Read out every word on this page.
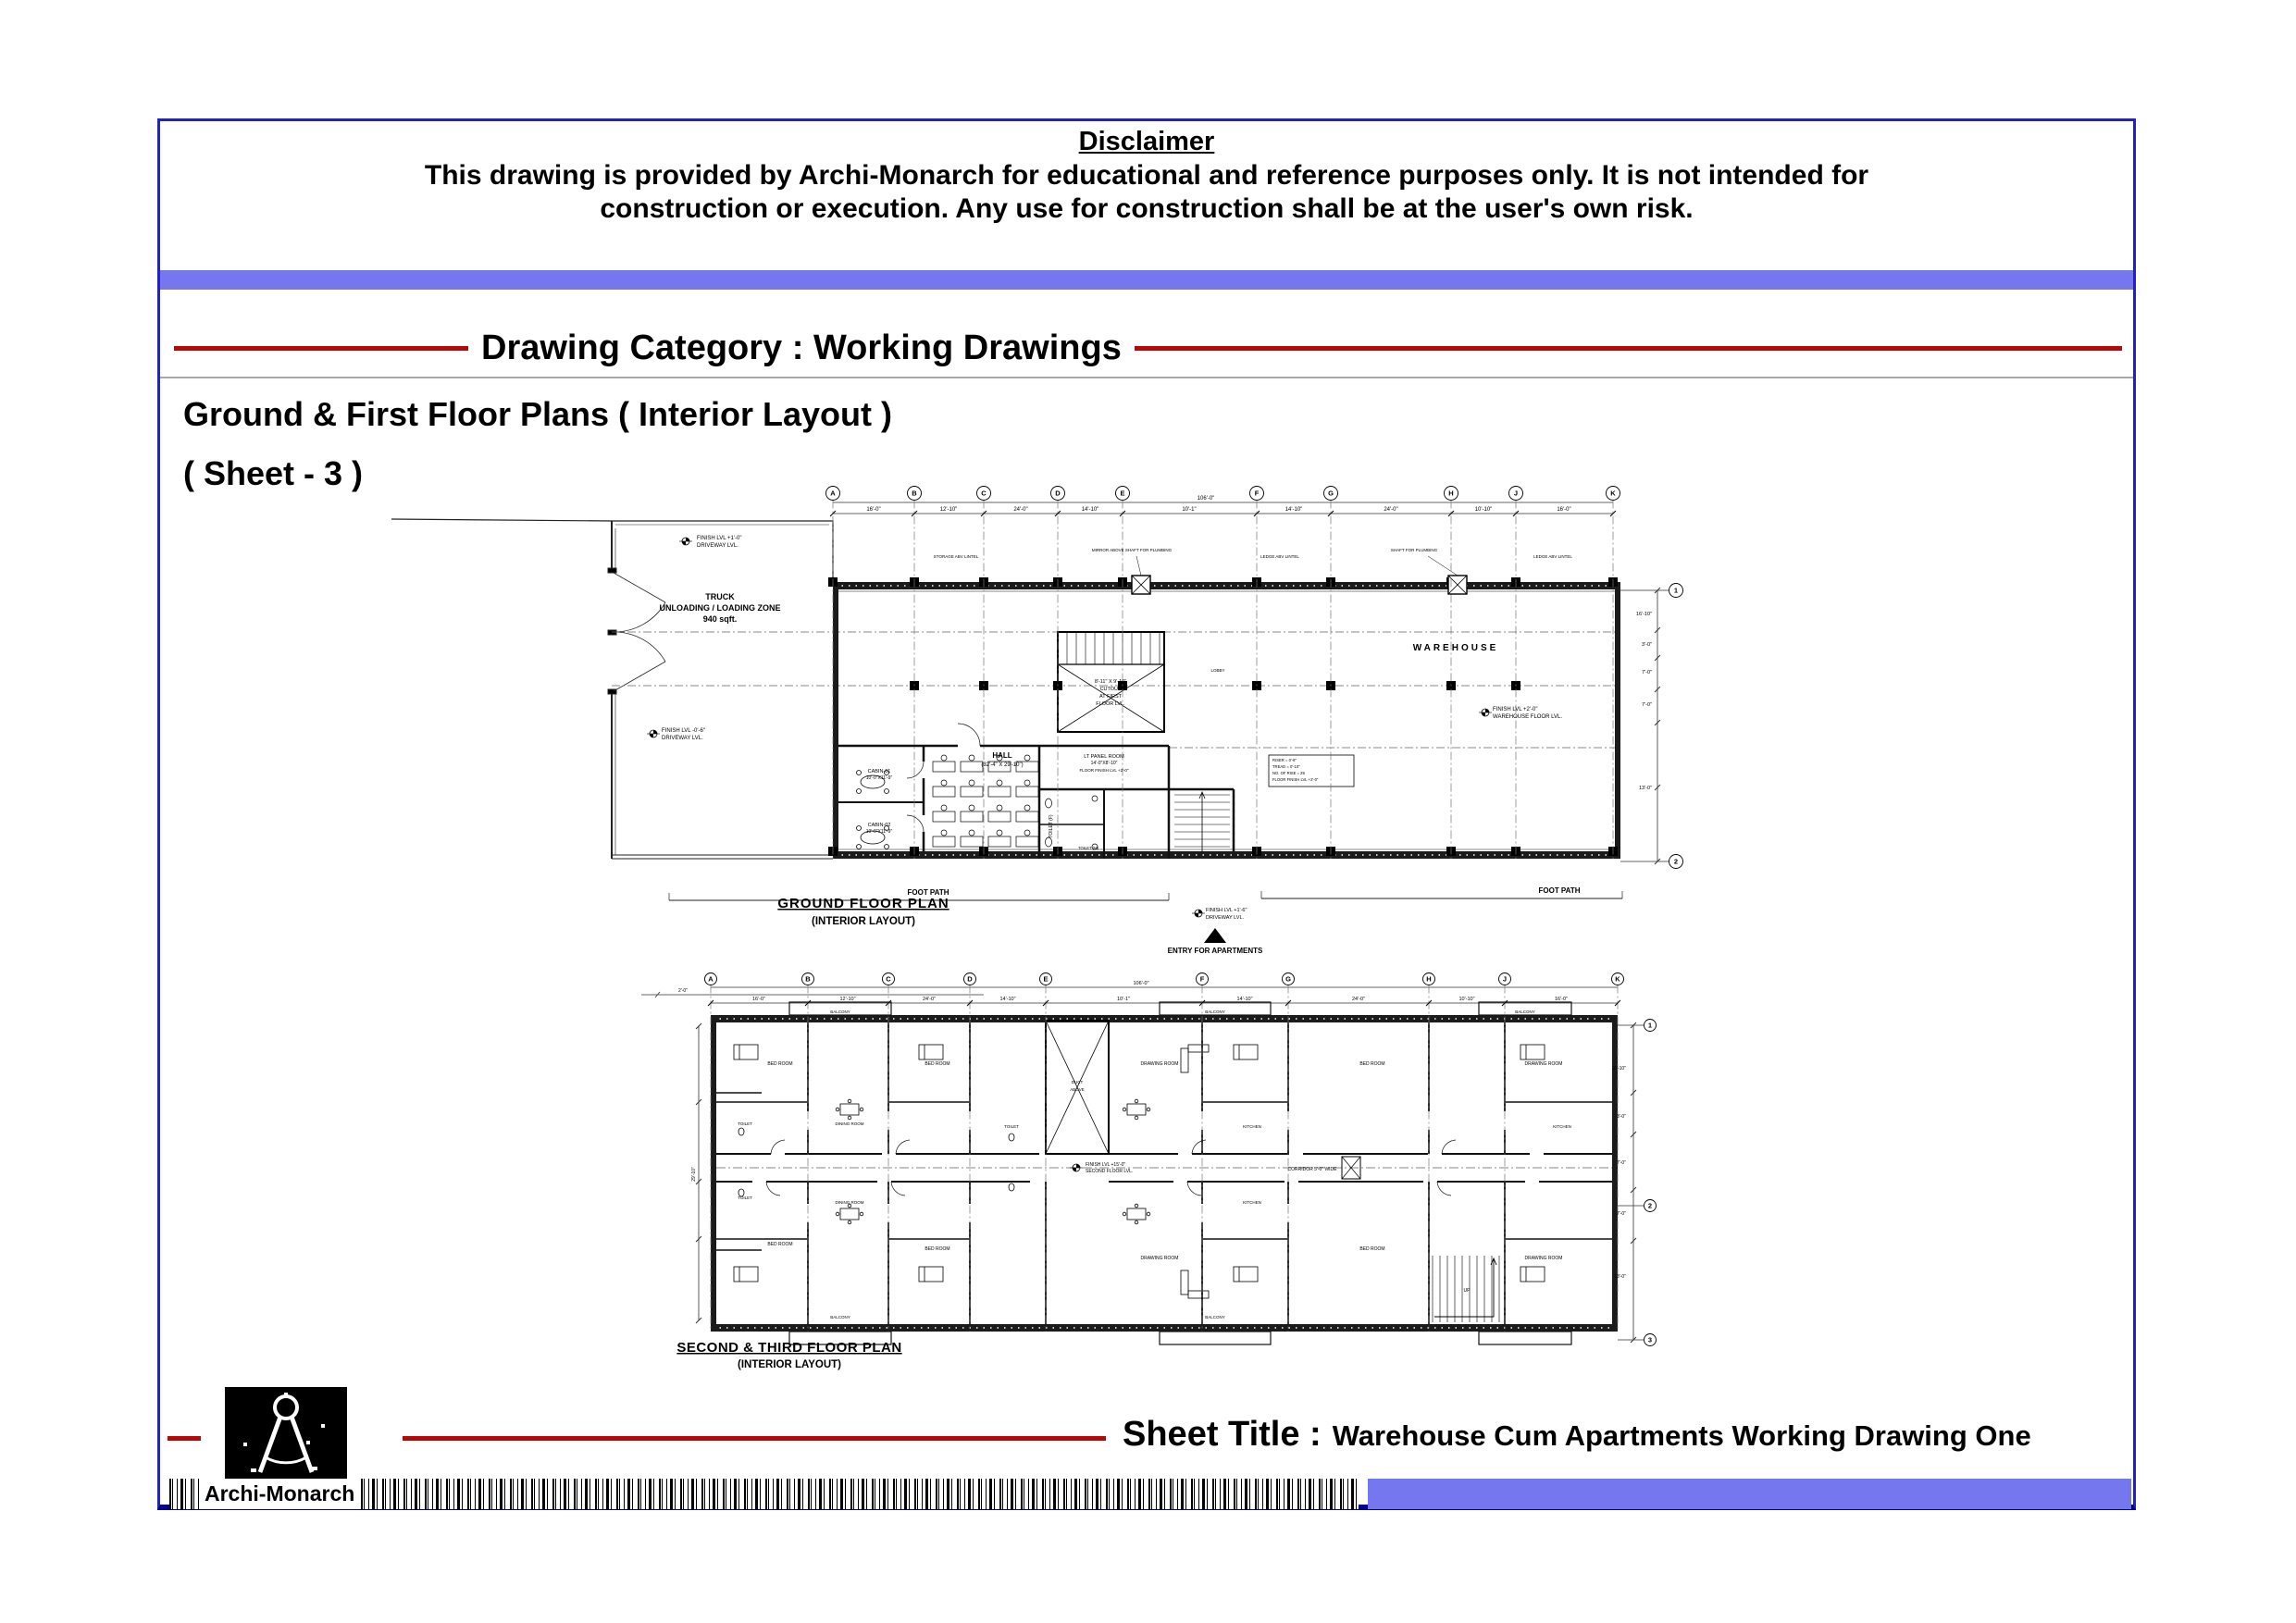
Disclaimer
This drawing is provided by Archi-Monarch for educational and reference purposes only. It is not intended for
construction or execution. Any use for construction shall be at the user's own risk.
Drawing Category : Working Drawings
Ground & First Floor Plans ( Interior Layout )
( Sheet - 3 )
A	B	C	D	E	F	G	H	J	K
1
2
16'-0"	12'-10"	24'-0"	14'-10"	10'-1"	14'-10"	24'-0"	10'-10"	16'-0"
106'-0"
16'-10"
3'-0"
7'-0"
7'-0"
13'-0"
FINISH LVL +1'-0"
DRIVEWAY LVL.
TRUCK
UNLOADING / LOADING ZONE
940 sqft.
FINISH LVL -0'-6"
DRIVEWAY LVL.
WAREHOUSE
FINISH LVL +2'-0"
WAREHOUSE FLOOR LVL.
STORAGE ABV LINTEL
MIRROR ABOVE SHAFT FOR PLUMBING
LEDGE ABV LINTEL
SHAFT FOR PLUMBING
LEDGE ABV LINTEL
HALL
(32'-4" X 29'-10")
CABIN-01
10'-0"X11'-9"
CABIN-02
10'-0"X11'-9"
LT PANEL ROOM
14'-0"X8'-10"
FLOOR FINISH LVL +2'-0"
TOILET (F)
TOILET (M)
8'-11" X 9'-10"
CUTOUT
AT FIRST
FLOOR LVL.
LOBBY
RISER = 0'-6"
TREAD = 0'-10"
NO. OF RISE = 29
FLOOR FINISH LVL +2'-0"
FOOT PATH	FOOT PATH
GROUND FLOOR PLAN
(INTERIOR LAYOUT)
FINISH LVL +1'-6"
DRIVEWAY LVL.
ENTRY FOR APARTMENTS
A	B	C	D	E	F	G	H	J	K
1
2
3
16'-0"	12'-10"	24'-0"	14'-10"	10'-1"	14'-10"	24'-0"	10'-10"	16'-0"
106'-0"
2'-0"
16'-10"
3'-0"
7'-0"
7'-0"
13'-0"
29'-10"
BALCONY	BALCONY	BALCONY
BED ROOM
TOILET	DINING ROOM
BED ROOM
TOILET
DRAWING ROOM
KITCHEN
BED ROOM	DRAWING ROOM
KITCHEN
DUCT
ABOVE
FINISH LVL +15'-0"
SECOND FLOOR LVL.	CORRIDOR 5'-0" WIDE
BED ROOM
TOILET
DINING ROOM
BED ROOM
DRAWING ROOM
KITCHEN
BED ROOM
DRAWING ROOM
BALCONY	BALCONY
UP
SECOND & THIRD FLOOR PLAN
(INTERIOR LAYOUT)
Sheet Title : Warehouse Cum Apartments Working Drawing One
Archi-Monarch
